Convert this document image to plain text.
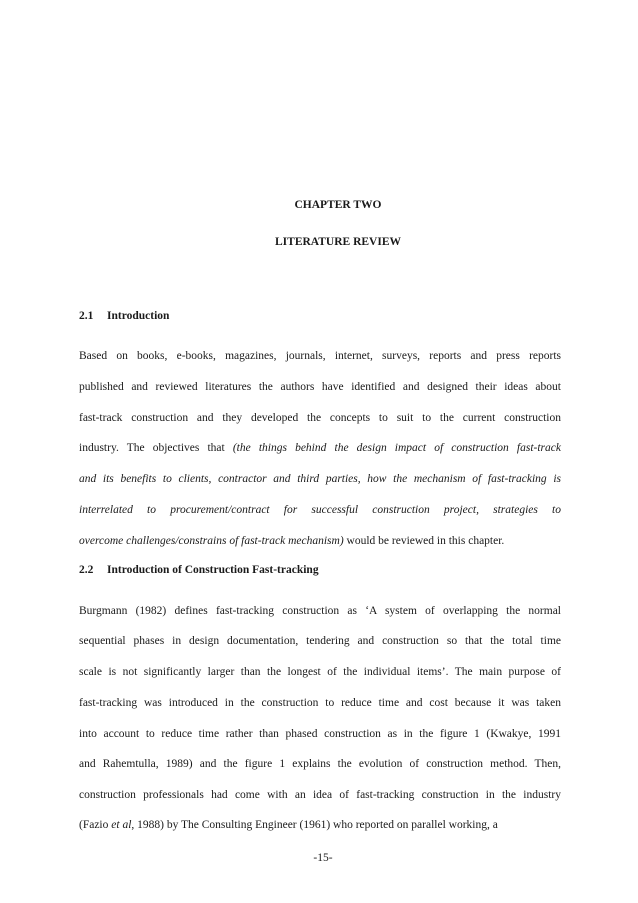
CHAPTER TWO
LITERATURE REVIEW
2.1 Introduction
Based on books, e-books, magazines, journals, internet, surveys, reports and press reports
published and reviewed literatures the authors have identified and designed their ideas about
fast-track construction and they developed the concepts to suit to the current construction
industry. The objectives that (the things behind the design impact of construction fast-track
and its benefits to clients, contractor and third parties, how the mechanism of fast-tracking is
interrelated to procurement/contract for successful construction project, strategies to
overcome challenges/constrains of fast-track mechanism) would be reviewed in this chapter.
2.2 Introduction of Construction Fast-tracking
Burgmann (1982) defines fast-tracking construction as ‘A system of overlapping the normal
sequential phases in design documentation, tendering and construction so that the total time
scale is not significantly larger than the longest of the individual items’. The main purpose of
fast-tracking was introduced in the construction to reduce time and cost because it was taken
into account to reduce time rather than phased construction as in the figure 1 (Kwakye, 1991
and Rahemtulla, 1989) and the figure 1 explains the evolution of construction method. Then,
construction professionals had come with an idea of fast-tracking construction in the industry
(Fazio et al, 1988) by The Consulting Engineer (1961) who reported on parallel working, a
-15-
